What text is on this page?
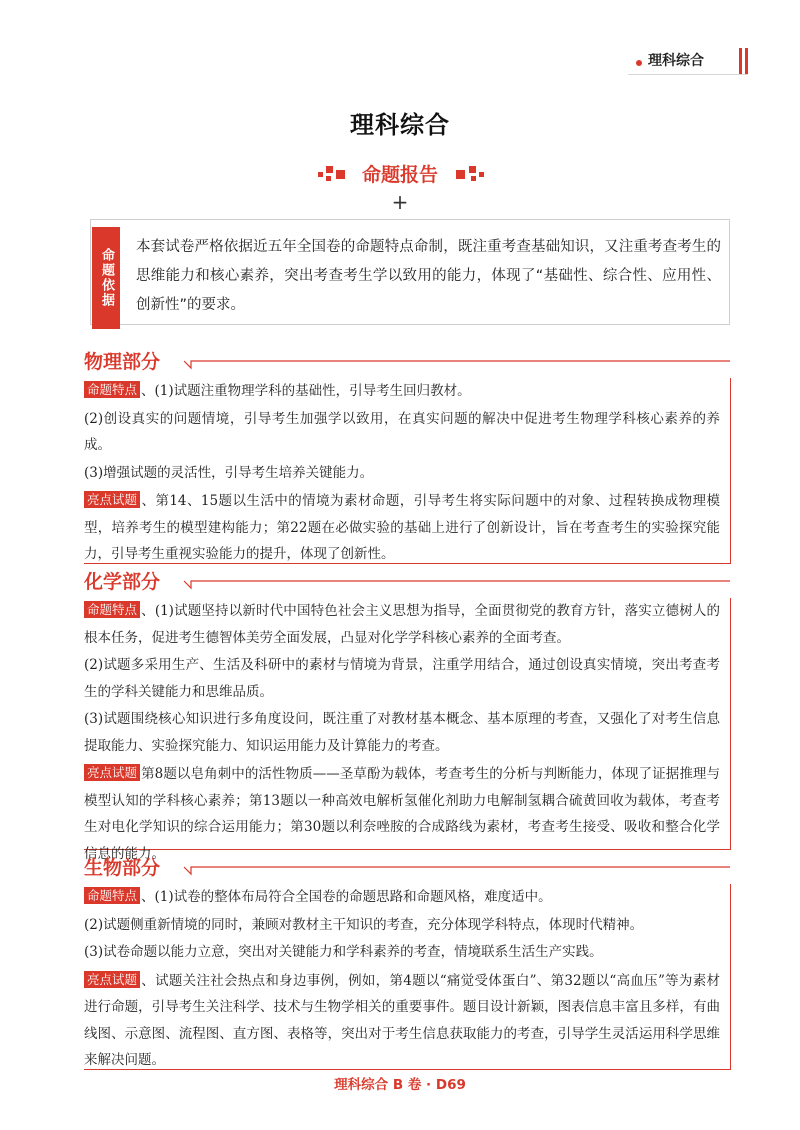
理科综合
理科综合
命题报告
+
命题依据
本套试卷严格依据近五年全国卷的命题特点命制，既注重考查基础知识，又注重考查考生的思维能力和核心素养，突出考查考生学以致用的能力，体现了“基础性、综合性、应用性、创新性”的要求。
物理部分

命题特点 、(1)试题注重物理学科的基础性，引导考生回归教材。

(2)创设真实的问题情境，引导考生加强学以致用，在真实问题的解决中促进考生物理学科核心素养的养成。

(3)增强试题的灵活性，引导考生培养关键能力。

亮点试题 、第14、15题以生活中的情境为素材命题，引导考生将实际问题中的对象、过程转换成物理模型，培养考生的模型建构能力；第22题在必做实验的基础上进行了创新设计，旨在考查考生的实验探究能力，引导考生重视实验能力的提升，体现了创新性。

化学部分

命题特点 、(1)试题坚持以新时代中国特色社会主义思想为指导，全面贯彻党的教育方针，落实立德树人的根本任务，促进考生德智体美劳全面发展，凸显对化学学科核心素养的全面考查。

(2)试题多采用生产、生活及科研中的素材与情境为背景，注重学用结合，通过创设真实情境，突出考查考生的学科关键能力和思维品质。

(3)试题围绕核心知识进行多角度设问，既注重了对教材基本概念、基本原理的考查，又强化了对考生信息提取能力、实验探究能力、知识运用能力及计算能力的考查。

亮点试题 第8题以皂角刺中的活性物质——圣草酚为载体，考查考生的分析与判断能力，体现了证据推理与模型认知的学科核心素养；第13题以一种高效电解析氢催化剂助力电解制氢耦合硫黄回收为载体，考查考生对电化学知识的综合运用能力；第30题以利奈唑胺的合成路线为素材，考查考生接受、吸收和整合化学信息的能力。

生物部分

命题特点 、(1)试卷的整体布局符合全国卷的命题思路和命题风格，难度适中。

(2)试题侧重新情境的同时，兼顾对教材主干知识的考查，充分体现学科特点，体现时代精神。

(3)试卷命题以能力立意，突出对关键能力和学科素养的考查，情境联系生活生产实践。

亮点试题 、试题关注社会热点和身边事例，例如，第4题以“痛觉受体蛋白”、第32题以“高血压”等为素材进行命题，引导考生关注科学、技术与生物学相关的重要事件。题目设计新颖，图表信息丰富且多样，有曲线图、示意图、流程图、直方图、表格等，突出对于考生信息获取能力的考查，引导学生灵活运用科学思维来解决问题。

理科综合 B 卷 · D69
